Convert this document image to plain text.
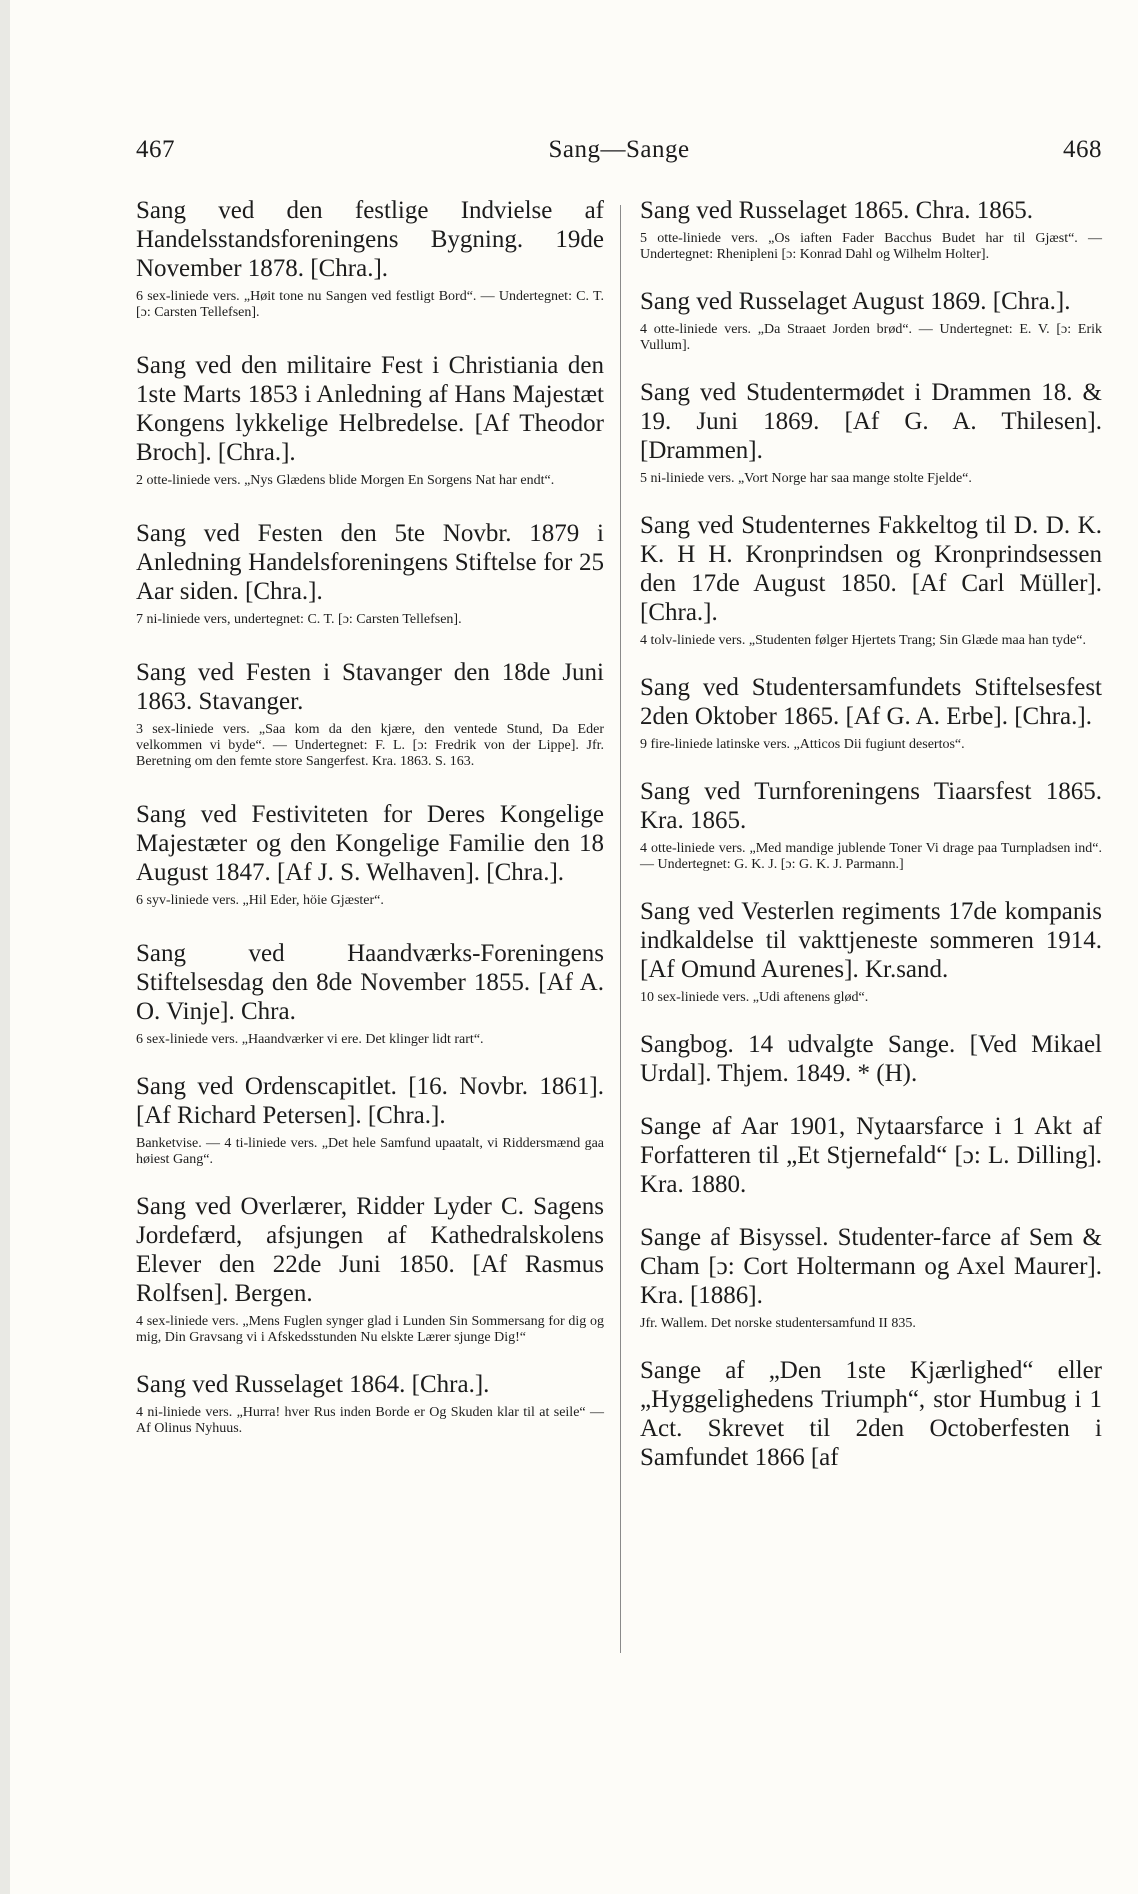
467	Sang—Sange	468

Sang ved den festlige Indvielse af Handelsstandsforeningens Bygning. 19de November 1878. [Chra.].

6 sex-liniede vers. „Høit tone nu Sangen ved festligt Bord“. — Undertegnet: C. T. [ɔ: Carsten Tellefsen].

Sang ved den militaire Fest i Christiania den 1ste Marts 1853 i Anledning af Hans Majestæt Kongens lykkelige Helbredelse. [Af Theodor Broch]. [Chra.].

2 otte-liniede vers. „Nys Glædens blide Morgen En Sorgens Nat har endt“.

Sang ved Festen den 5te Novbr. 1879 i Anledning Handelsforeningens Stiftelse for 25 Aar siden. [Chra.].

7 ni-liniede vers, undertegnet: C. T. [ɔ: Carsten Tellefsen].

Sang ved Festen i Stavanger den 18de Juni 1863. Stavanger.

3 sex-liniede vers. „Saa kom da den kjære, den ventede Stund, Da Eder velkommen vi byde“. — Undertegnet: F. L. [ɔ: Fredrik von der Lippe]. Jfr. Beretning om den femte store Sangerfest. Kra. 1863. S. 163.

Sang ved Festiviteten for Deres Kongelige Majestæter og den Kongelige Familie den 18 August 1847. [Af J. S. Welhaven]. [Chra.].

6 syv-liniede vers. „Hil Eder, höie Gjæster“.

Sang ved Haandværks-Foreningens Stiftelsesdag den 8de November 1855. [Af A. O. Vinje]. Chra.

6 sex-liniede vers. „Haandværker vi ere. Det klinger lidt rart“.

Sang ved Ordenscapitlet. [16. Novbr. 1861]. [Af Richard Petersen]. [Chra.].

Banketvise. — 4 ti-liniede vers. „Det hele Samfund upaatalt, vi Riddersmænd gaa høiest Gang“.

Sang ved Overlærer, Ridder Lyder C. Sagens Jordefærd, afsjungen af Kathedralskolens Elever den 22de Juni 1850. [Af Rasmus Rolfsen]. Bergen.

4 sex-liniede vers. „Mens Fuglen synger glad i Lunden Sin Sommersang for dig og mig, Din Gravsang vi i Afskedsstunden Nu elskte Lærer sjunge Dig!“

Sang ved Russelaget 1864. [Chra.].

4 ni-liniede vers. „Hurra! hver Rus inden Borde er Og Skuden klar til at seile“ — Af Olinus Nyhuus.

Sang ved Russelaget 1865. Chra. 1865.

5 otte-liniede vers. „Os iaften Fader Bacchus Budet har til Gjæst“. — Undertegnet: Rhenipleni [ɔ: Konrad Dahl og Wilhelm Holter].

Sang ved Russelaget August 1869. [Chra.].

4 otte-liniede vers. „Da Straaet Jorden brød“. — Undertegnet: E. V. [ɔ: Erik Vullum].

Sang ved Studentermødet i Drammen 18. & 19. Juni 1869. [Af G. A. Thilesen]. [Drammen].

5 ni-liniede vers. „Vort Norge har saa mange stolte Fjelde“.

Sang ved Studenternes Fakkeltog til D. D. K. K. H H. Kronprindsen og Kronprindsessen den 17de August 1850. [Af Carl Müller]. [Chra.].

4 tolv-liniede vers. „Studenten følger Hjertets Trang; Sin Glæde maa han tyde“.

Sang ved Studentersamfundets Stiftelsesfest 2den Oktober 1865. [Af G. A. Erbe]. [Chra.].

9 fire-liniede latinske vers. „Atticos Dii fugiunt desertos“.

Sang ved Turnforeningens Tiaarsfest 1865. Kra. 1865.

4 otte-liniede vers. „Med mandige jublende Toner Vi drage paa Turnpladsen ind“. — Undertegnet: G. K. J. [ɔ: G. K. J. Parmann.]

Sang ved Vesterlen regiments 17de kompanis indkaldelse til vakttjeneste sommeren 1914. [Af Omund Aurenes]. Kr.sand.

10 sex-liniede vers. „Udi aftenens glød“.

Sangbog. 14 udvalgte Sange. [Ved Mikael Urdal]. Thjem. 1849. * (H).

Sange af Aar 1901, Nytaarsfarce i 1 Akt af Forfatteren til „Et Stjernefald“ [ɔ: L. Dilling]. Kra. 1880.

Sange af Bisyssel. Studenter-farce af Sem & Cham [ɔ: Cort Holtermann og Axel Maurer]. Kra. [1886].

Jfr. Wallem. Det norske studentersamfund II 835.

Sange af „Den 1ste Kjærlighed“ eller „Hyggelighedens Triumph“, stor Humbug i 1 Act. Skrevet til 2den Octoberfesten i Samfundet 1866 [af
